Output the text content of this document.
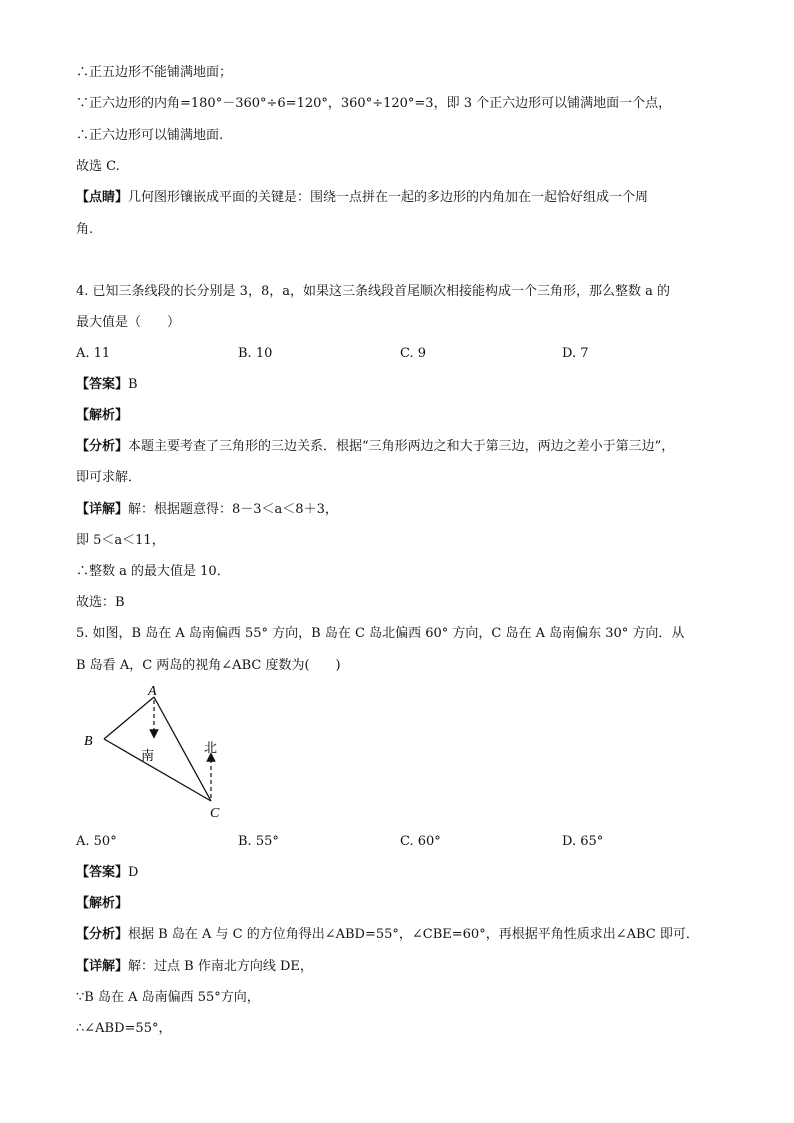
∴正五边形不能铺满地面；
∵正六边形的内角=180°－360°÷6=120°，360°÷120°=3，即 3 个正六边形可以铺满地面一个点，
∴正六边形可以铺满地面.
故选 C.
【点睛】几何图形镶嵌成平面的关键是：围绕一点拼在一起的多边形的内角加在一起恰好组成一个周
角.
4. 已知三条线段的长分别是 3，8，a，如果这三条线段首尾顺次相接能构成一个三角形，那么整数 a 的
最大值是（　　）
A. 11	B. 10	C. 9	D. 7
【答案】B
【解析】
【分析】本题主要考查了三角形的三边关系．根据“三角形两边之和大于第三边，两边之差小于第三边”，
即可求解．
【详解】解：根据题意得：8－3＜a＜8＋3，
即 5＜a＜11，
∴整数 a 的最大值是 10．
故选：B
5. 如图，B 岛在 A 岛南偏西 55° 方向，B 岛在 C 岛北偏西 60° 方向，C 岛在 A 岛南偏东 30° 方向．从
B 岛看 A，C 两岛的视角∠ABC 度数为(　　)
A
B
C
南
北
A. 50°	B. 55°	C. 60°	D. 65°
【答案】D
【解析】
【分析】根据 B 岛在 A 与 C 的方位角得出∠ABD=55°，∠CBE=60°，再根据平角性质求出∠ABC 即可．
【详解】解：过点 B 作南北方向线 DE，
∵B 岛在 A 岛南偏西 55°方向，
∴∠ABD=55°，
